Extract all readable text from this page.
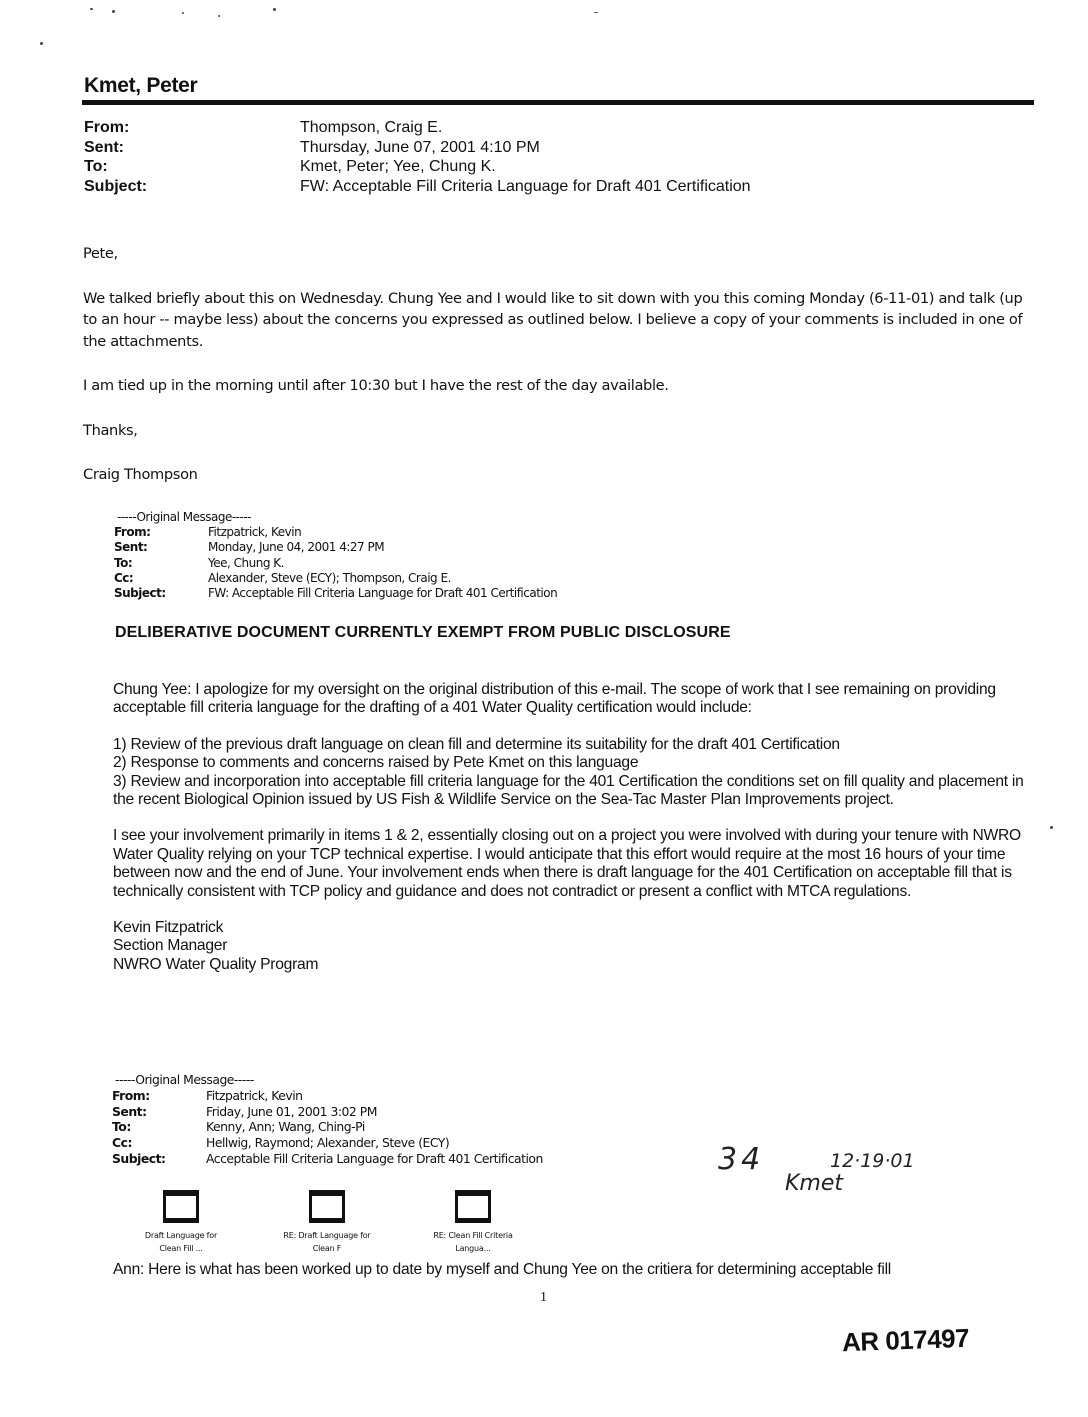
Kmet, Peter
From:	Thompson, Craig E.
Sent:	Thursday, June 07, 2001 4:10 PM
To:	Kmet, Peter; Yee, Chung K.
Subject:	FW: Acceptable Fill Criteria Language for Draft 401 Certification

Pete,

We talked briefly about this on Wednesday. Chung Yee and I would like to sit down with you this coming Monday (6-11-01) and talk (up to an hour -- maybe less) about the concerns you expressed as outlined below. I believe a copy of your comments is included in one of the attachments.

I am tied up in the morning until after 10:30 but I have the rest of the day available.

Thanks,

Craig Thompson

-----Original Message-----
From:	Fitzpatrick, Kevin
Sent:	Monday, June 04, 2001 4:27 PM
To:	Yee, Chung K.
Cc:	Alexander, Steve (ECY); Thompson, Craig E.
Subject:	FW: Acceptable Fill Criteria Language for Draft 401 Certification
DELIBERATIVE DOCUMENT CURRENTLY EXEMPT FROM PUBLIC DISCLOSURE

Chung Yee: I apologize for my oversight on the original distribution of this e-mail. The scope of work that I see remaining on providing acceptable fill criteria language for the drafting of a 401 Water Quality certification would include:

1) Review of the previous draft language on clean fill and determine its suitability for the draft 401 Certification

2) Response to comments and concerns raised by Pete Kmet on this language

3) Review and incorporation into acceptable fill criteria language for the 401 Certification the conditions set on fill quality and placement in the recent Biological Opinion issued by US Fish & Wildlife Service on the Sea-Tac Master Plan Improvements project.

I see your involvement primarily in items 1 & 2, essentially closing out on a project you were involved with during your tenure with NWRO Water Quality relying on your TCP technical expertise. I would anticipate that this effort would require at the most 16 hours of your time between now and the end of June. Your involvement ends when there is draft language for the 401 Certification on acceptable fill that is technically consistent with TCP policy and guidance and does not contradict or present a conflict with MTCA regulations.

Kevin Fitzpatrick

Section Manager

NWRO Water Quality Program

-----Original Message-----
From:	Fitzpatrick, Kevin
Sent:	Friday, June 01, 2001 3:02 PM
To:	Kenny, Ann; Wang, Ching-Pi
Cc:	Hellwig, Raymond; Alexander, Steve (ECY)
Subject:	Acceptable Fill Criteria Language for Draft 401 Certification
Draft Language for
Clean Fill ...
RE: Draft Language for
Clean F
RE: Clean Fill Criteria
Langua...
Ann: Here is what has been worked up to date by myself and Chung Yee on the critiera for determining acceptable fill
34	12·19·01
Kmet
1
AR 017497
